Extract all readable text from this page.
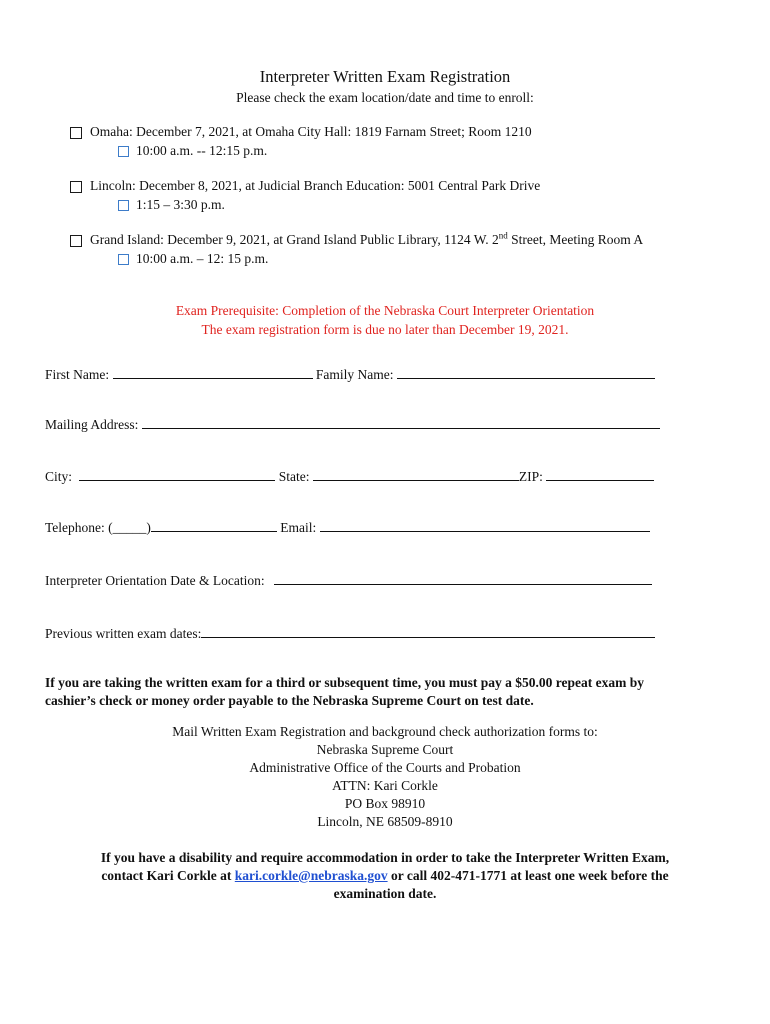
Interpreter Written Exam Registration
Please check the exam location/date and time to enroll:
Omaha: December 7, 2021, at Omaha City Hall: 1819 Farnam Street; Room 1210
10:00 a.m. -- 12:15 p.m.
Lincoln: December 8, 2021, at Judicial Branch Education: 5001 Central Park Drive
1:15 – 3:30 p.m.
Grand Island: December 9, 2021, at Grand Island Public Library, 1124 W. 2nd Street, Meeting Room A
10:00 a.m. – 12: 15 p.m.
Exam Prerequisite: Completion of the Nebraska Court Interpreter Orientation
The exam registration form is due no later than December 19, 2021.
First Name:	Family Name:
Mailing Address:
City:	State:	ZIP:
Telephone: (_____)	Email:
Interpreter Orientation Date & Location:
Previous written exam dates:
If you are taking the written exam for a third or subsequent time, you must pay a $50.00 repeat exam by
cashier’s check or money order payable to the Nebraska Supreme Court on test date.
Mail Written Exam Registration and background check authorization forms to:
Nebraska Supreme Court
Administrative Office of the Courts and Probation
ATTN: Kari Corkle
PO Box 98910
Lincoln, NE 68509-8910
If you have a disability and require accommodation in order to take the Interpreter Written Exam,
contact Kari Corkle at kari.corkle@nebraska.gov or call 402-471-1771 at least one week before the
examination date.
